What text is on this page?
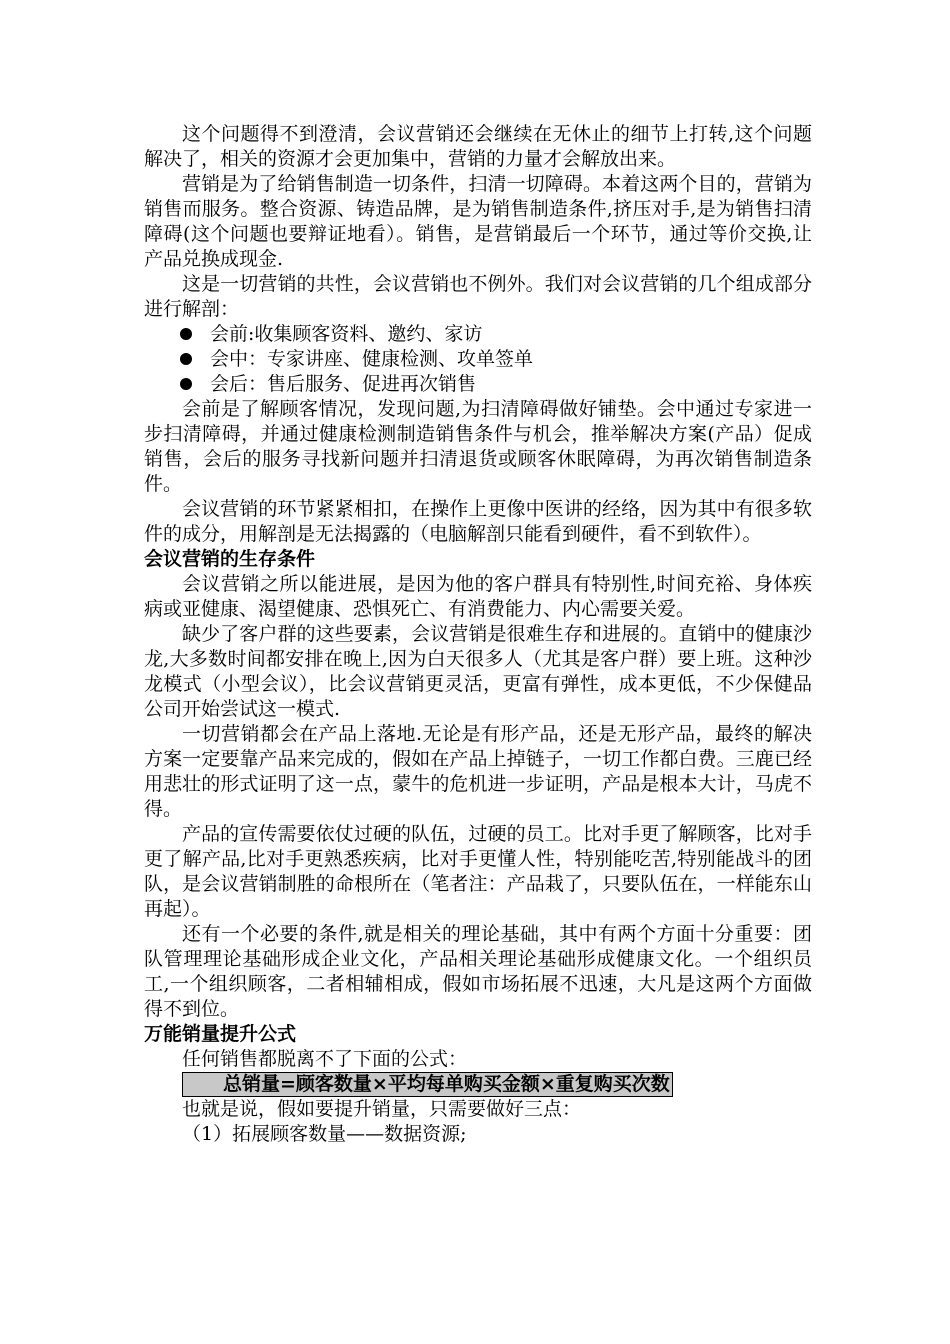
这个问题得不到澄清，会议营销还会继续在无休止的细节上打转,这个问题解决了，相关的资源才会更加集中，营销的力量才会解放出来。

营销是为了给销售制造一切条件，扫清一切障碍。本着这两个目的，营销为销售而服务。整合资源、铸造品牌，是为销售制造条件,挤压对手,是为销售扫清障碍(这个问题也要辩证地看）。销售，是营销最后一个环节，通过等价交换,让产品兑换成现金.

这是一切营销的共性，会议营销也不例外。我们对会议营销的几个组成部分进行解剖：

会前:收集顾客资料、邀约、家访
会中：专家讲座、健康检测、攻单签单
会后：售后服务、促进再次销售

会前是了解顾客情况，发现问题,为扫清障碍做好铺垫。会中通过专家进一步扫清障碍，并通过健康检测制造销售条件与机会，推举解决方案(产品）促成销售，会后的服务寻找新问题并扫清退货或顾客休眠障碍，为再次销售制造条件。

会议营销的环节紧紧相扣，在操作上更像中医讲的经络，因为其中有很多软件的成分，用解剖是无法揭露的（电脑解剖只能看到硬件，看不到软件）。

会议营销的生存条件

会议营销之所以能进展，是因为他的客户群具有特别性,时间充裕、身体疾病或亚健康、渴望健康、恐惧死亡、有消费能力、内心需要关爱。

缺少了客户群的这些要素，会议营销是很难生存和进展的。直销中的健康沙龙,大多数时间都安排在晚上,因为白天很多人（尤其是客户群）要上班。这种沙龙模式（小型会议），比会议营销更灵活，更富有弹性，成本更低，不少保健品公司开始尝试这一模式.

一切营销都会在产品上落地.无论是有形产品，还是无形产品，最终的解决方案一定要靠产品来完成的，假如在产品上掉链子，一切工作都白费。三鹿已经用悲壮的形式证明了这一点，蒙牛的危机进一步证明，产品是根本大计，马虎不得。

产品的宣传需要依仗过硬的队伍，过硬的员工。比对手更了解顾客，比对手更了解产品,比对手更熟悉疾病，比对手更懂人性，特别能吃苦,特别能战斗的团队，是会议营销制胜的命根所在（笔者注：产品栽了，只要队伍在，一样能东山再起）。

还有一个必要的条件,就是相关的理论基础，其中有两个方面十分重要：团队管理理论基础形成企业文化，产品相关理论基础形成健康文化。一个组织员工,一个组织顾客，二者相辅相成，假如市场拓展不迅速，大凡是这两个方面做得不到位。

万能销量提升公式

任何销售都脱离不了下面的公式：

总销量=顾客数量×平均每单购买金额×重复购买次数

也就是说，假如要提升销量，只需要做好三点：

（1）拓展顾客数量——数据资源;
